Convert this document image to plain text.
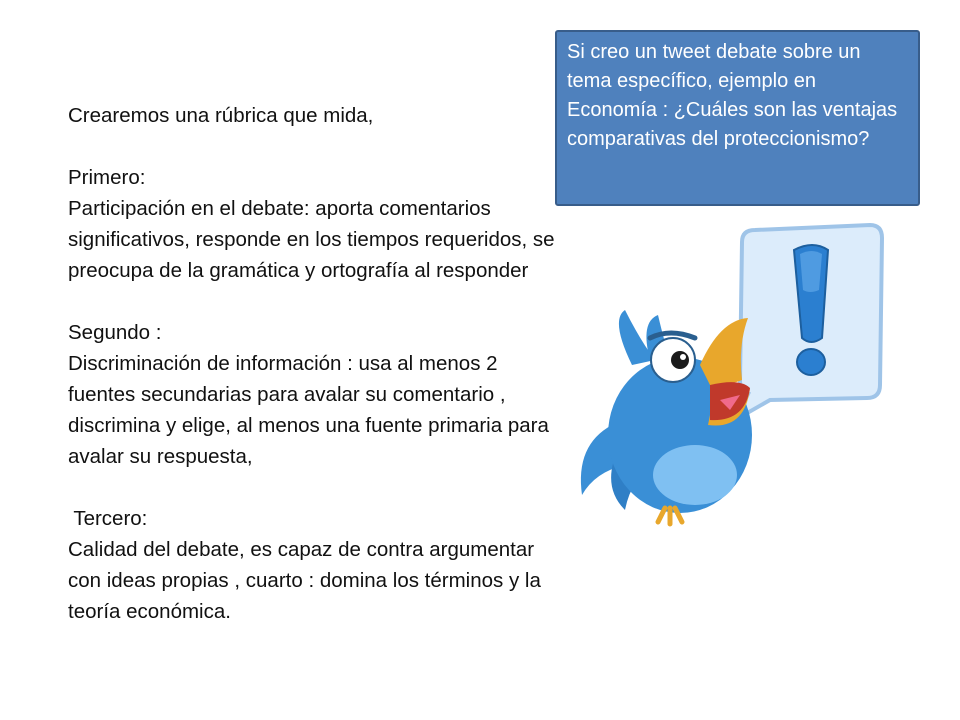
Crearemos una rúbrica que mida,

Primero:

Participación en el debate: aporta comentarios significativos, responde en los tiempos requeridos, se preocupa de la gramática y ortografía al responder

Segundo :

Discriminación de información : usa al menos 2 fuentes secundarias para avalar su comentario , discrimina y elige, al menos una fuente primaria para avalar su respuesta,

Tercero:

Calidad del debate, es capaz de contra argumentar con ideas propias , cuarto : domina los términos y la teoría económica.

Si creo un tweet debate sobre un tema específico, ejemplo en Economía : ¿Cuáles son las ventajas comparativas del proteccionismo?
